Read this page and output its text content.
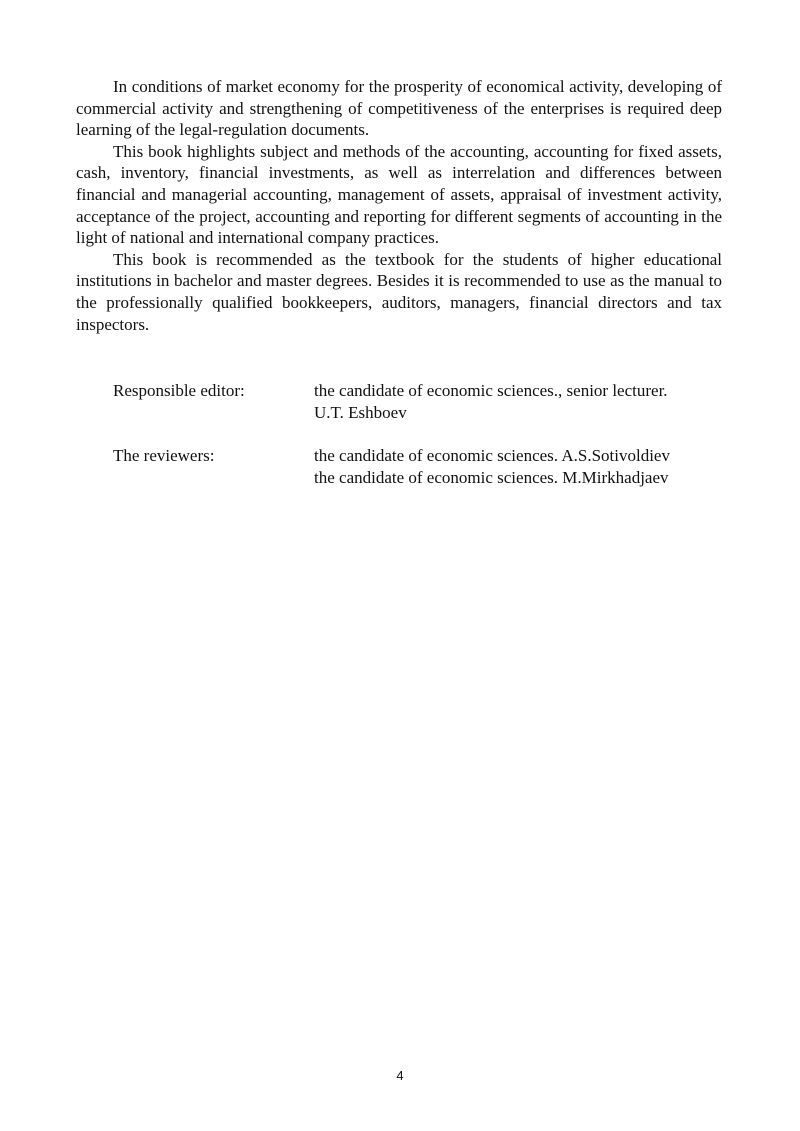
In conditions of market economy for the prosperity of economical activity, developing of commercial activity and strengthening of competitiveness of the enterprises is required deep learning of the legal-regulation documents.

This book highlights subject and methods of the accounting, accounting for fixed assets, cash, inventory, financial investments, as well as interrelation and differences between financial and managerial accounting, management of assets, appraisal of investment activity, acceptance of the project, accounting and reporting for different segments of accounting in the light of national and international company practices.

This book is recommended as the textbook for the students of higher educational institutions in bachelor and master degrees. Besides it is recommended to use as the manual to the professionally qualified bookkeepers, auditors, managers, financial directors and tax inspectors.

Responsible editor:	the candidate of economic sciences., senior lecturer.
U.T. Eshboev
The reviewers:	the candidate of economic sciences. A.S.Sotivoldiev
the candidate of economic sciences. M.Mirkhadjaev
4
